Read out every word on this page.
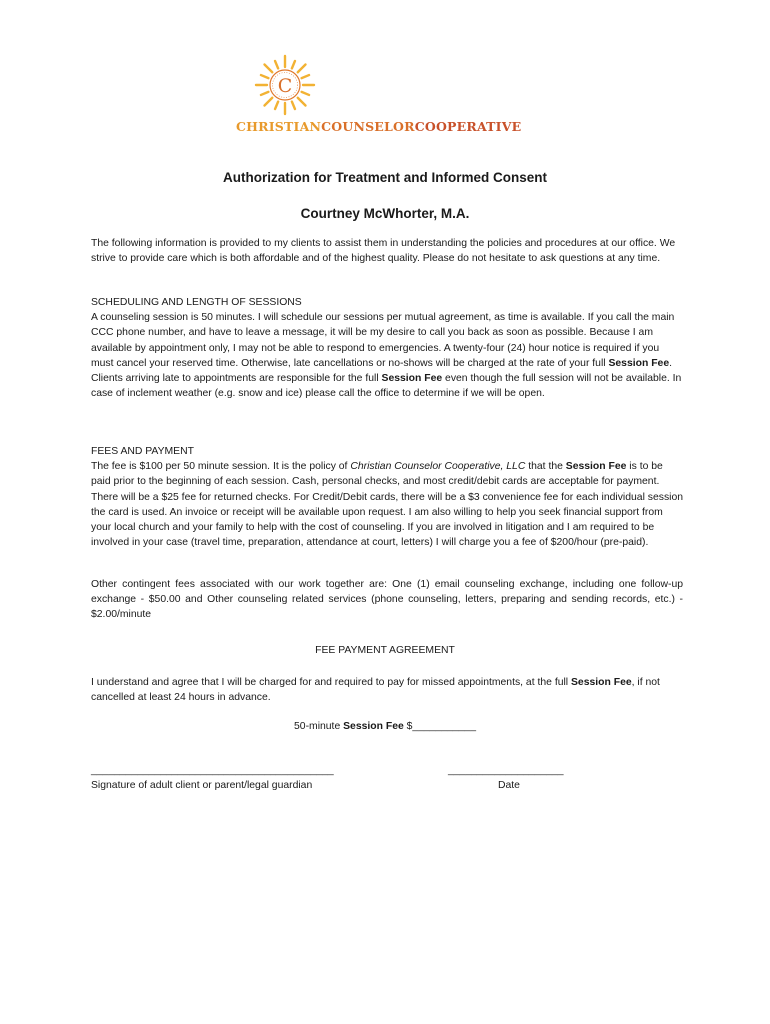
C
CHRISTIANCOUNSELORCOOPERATIVE
Authorization for Treatment and Informed Consent
Courtney McWhorter, M.A.
The following information is provided to my clients to assist them in understanding the policies and procedures at our office. We strive to provide care which is both affordable and of the highest quality. Please do not hesitate to ask questions at any time.
SCHEDULING AND LENGTH OF SESSIONS
A counseling session is 50 minutes. I will schedule our sessions per mutual agreement, as time is available. If you call the main CCC phone number, and have to leave a message, it will be my desire to call you back as soon as possible. Because I am available by appointment only, I may not be able to respond to emergencies. A twenty-four (24) hour notice is required if you must cancel your reserved time. Otherwise, late cancellations or no-shows will be charged at the rate of your full Session Fee. Clients arriving late to appointments are responsible for the full Session Fee even though the full session will not be available. In case of inclement weather (e.g. snow and ice) please call the office to determine if we will be open.
FEES AND PAYMENT
The fee is $100 per 50 minute session. It is the policy of Christian Counselor Cooperative, LLC that the Session Fee is to be paid prior to the beginning of each session. Cash, personal checks, and most credit/debit cards are acceptable for payment. There will be a $25 fee for returned checks. For Credit/Debit cards, there will be a $3 convenience fee for each individual session the card is used. An invoice or receipt will be available upon request. I am also willing to help you seek financial support from your local church and your family to help with the cost of counseling. If you are involved in litigation and I am required to be involved in your case (travel time, preparation, attendance at court, letters) I will charge you a fee of $200/hour (pre-paid).
Other contingent fees associated with our work together are: One (1) email counseling exchange, including one follow-up exchange - $50.00 and Other counseling related services (phone counseling, letters, preparing and sending records, etc.) - $2.00/minute
FEE PAYMENT AGREEMENT
I understand and agree that I will be charged for and required to pay for missed appointments, at the full Session Fee, if not cancelled at least 24 hours in advance.
50-minute Session Fee $___________
__________________________________________
Signature of adult client or parent/legal guardian
____________________
Date
